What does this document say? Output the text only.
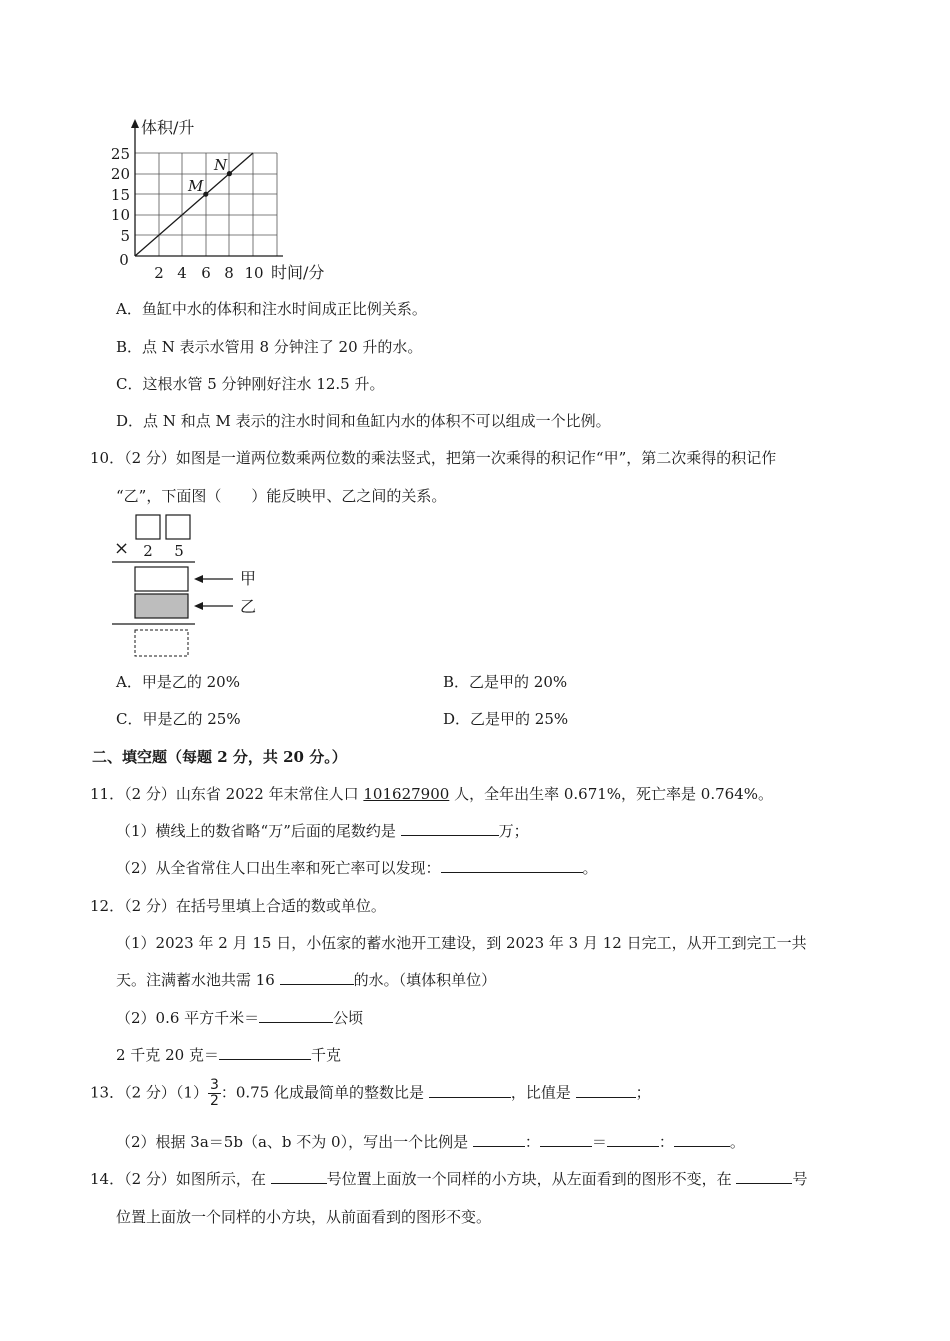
体积/升
时间/分
0
25
20
15
10
5
2 4 6 8 10
M
N
A．鱼缸中水的体积和注水时间成正比例关系。
B．点 N 表示水管用 8 分钟注了 20 升的水。
C．这根水管 5 分钟刚好注水 12.5 升。
D．点 N 和点 M 表示的注水时间和鱼缸内水的体积不可以组成一个比例。
10．（2 分）如图是一道两位数乘两位数的乘法竖式，把第一次乘得的积记作“甲”，第二次乘得的积记作
“乙”，下面图（　　）能反映甲、乙之间的关系。
× 2 5
甲
乙
A．甲是乙的 20%	B．乙是甲的 20%
C．甲是乙的 25%	D．乙是甲的 25%
二、填空题（每题 2 分，共 20 分。）
11．（2 分）山东省 2022 年末常住人口 101627900 人，全年出生率 0.671%，死亡率是 0.764%。
（1）横线上的数省略“万”后面的尾数约是	万；
（2）从全省常住人口出生率和死亡率可以发现：	。
12．（2 分）在括号里填上合适的数或单位。
（1）2023 年 2 月 15 日，小伍家的蓄水池开工建设，到 2023 年 3 月 12 日完工，从开工到完工一共
天。注满蓄水池共需 16	的水。（填体积单位）
（2）0.6 平方千米＝	公顷
2 千克 20 克＝	千克
13．（2 分）$(1) \frac{3}{2}$ ：0.75 化成最简单的整数比是	，比值是	；
（2）根据 3a＝5b（a、b 不为 0），写出一个比例是	：	＝	：	。
14．（2 分）如图所示，在	号位置上面放一个同样的小方块，从左面看到的图形不变，在	号
位置上面放一个同样的小方块，从前面看到的图形不变。
